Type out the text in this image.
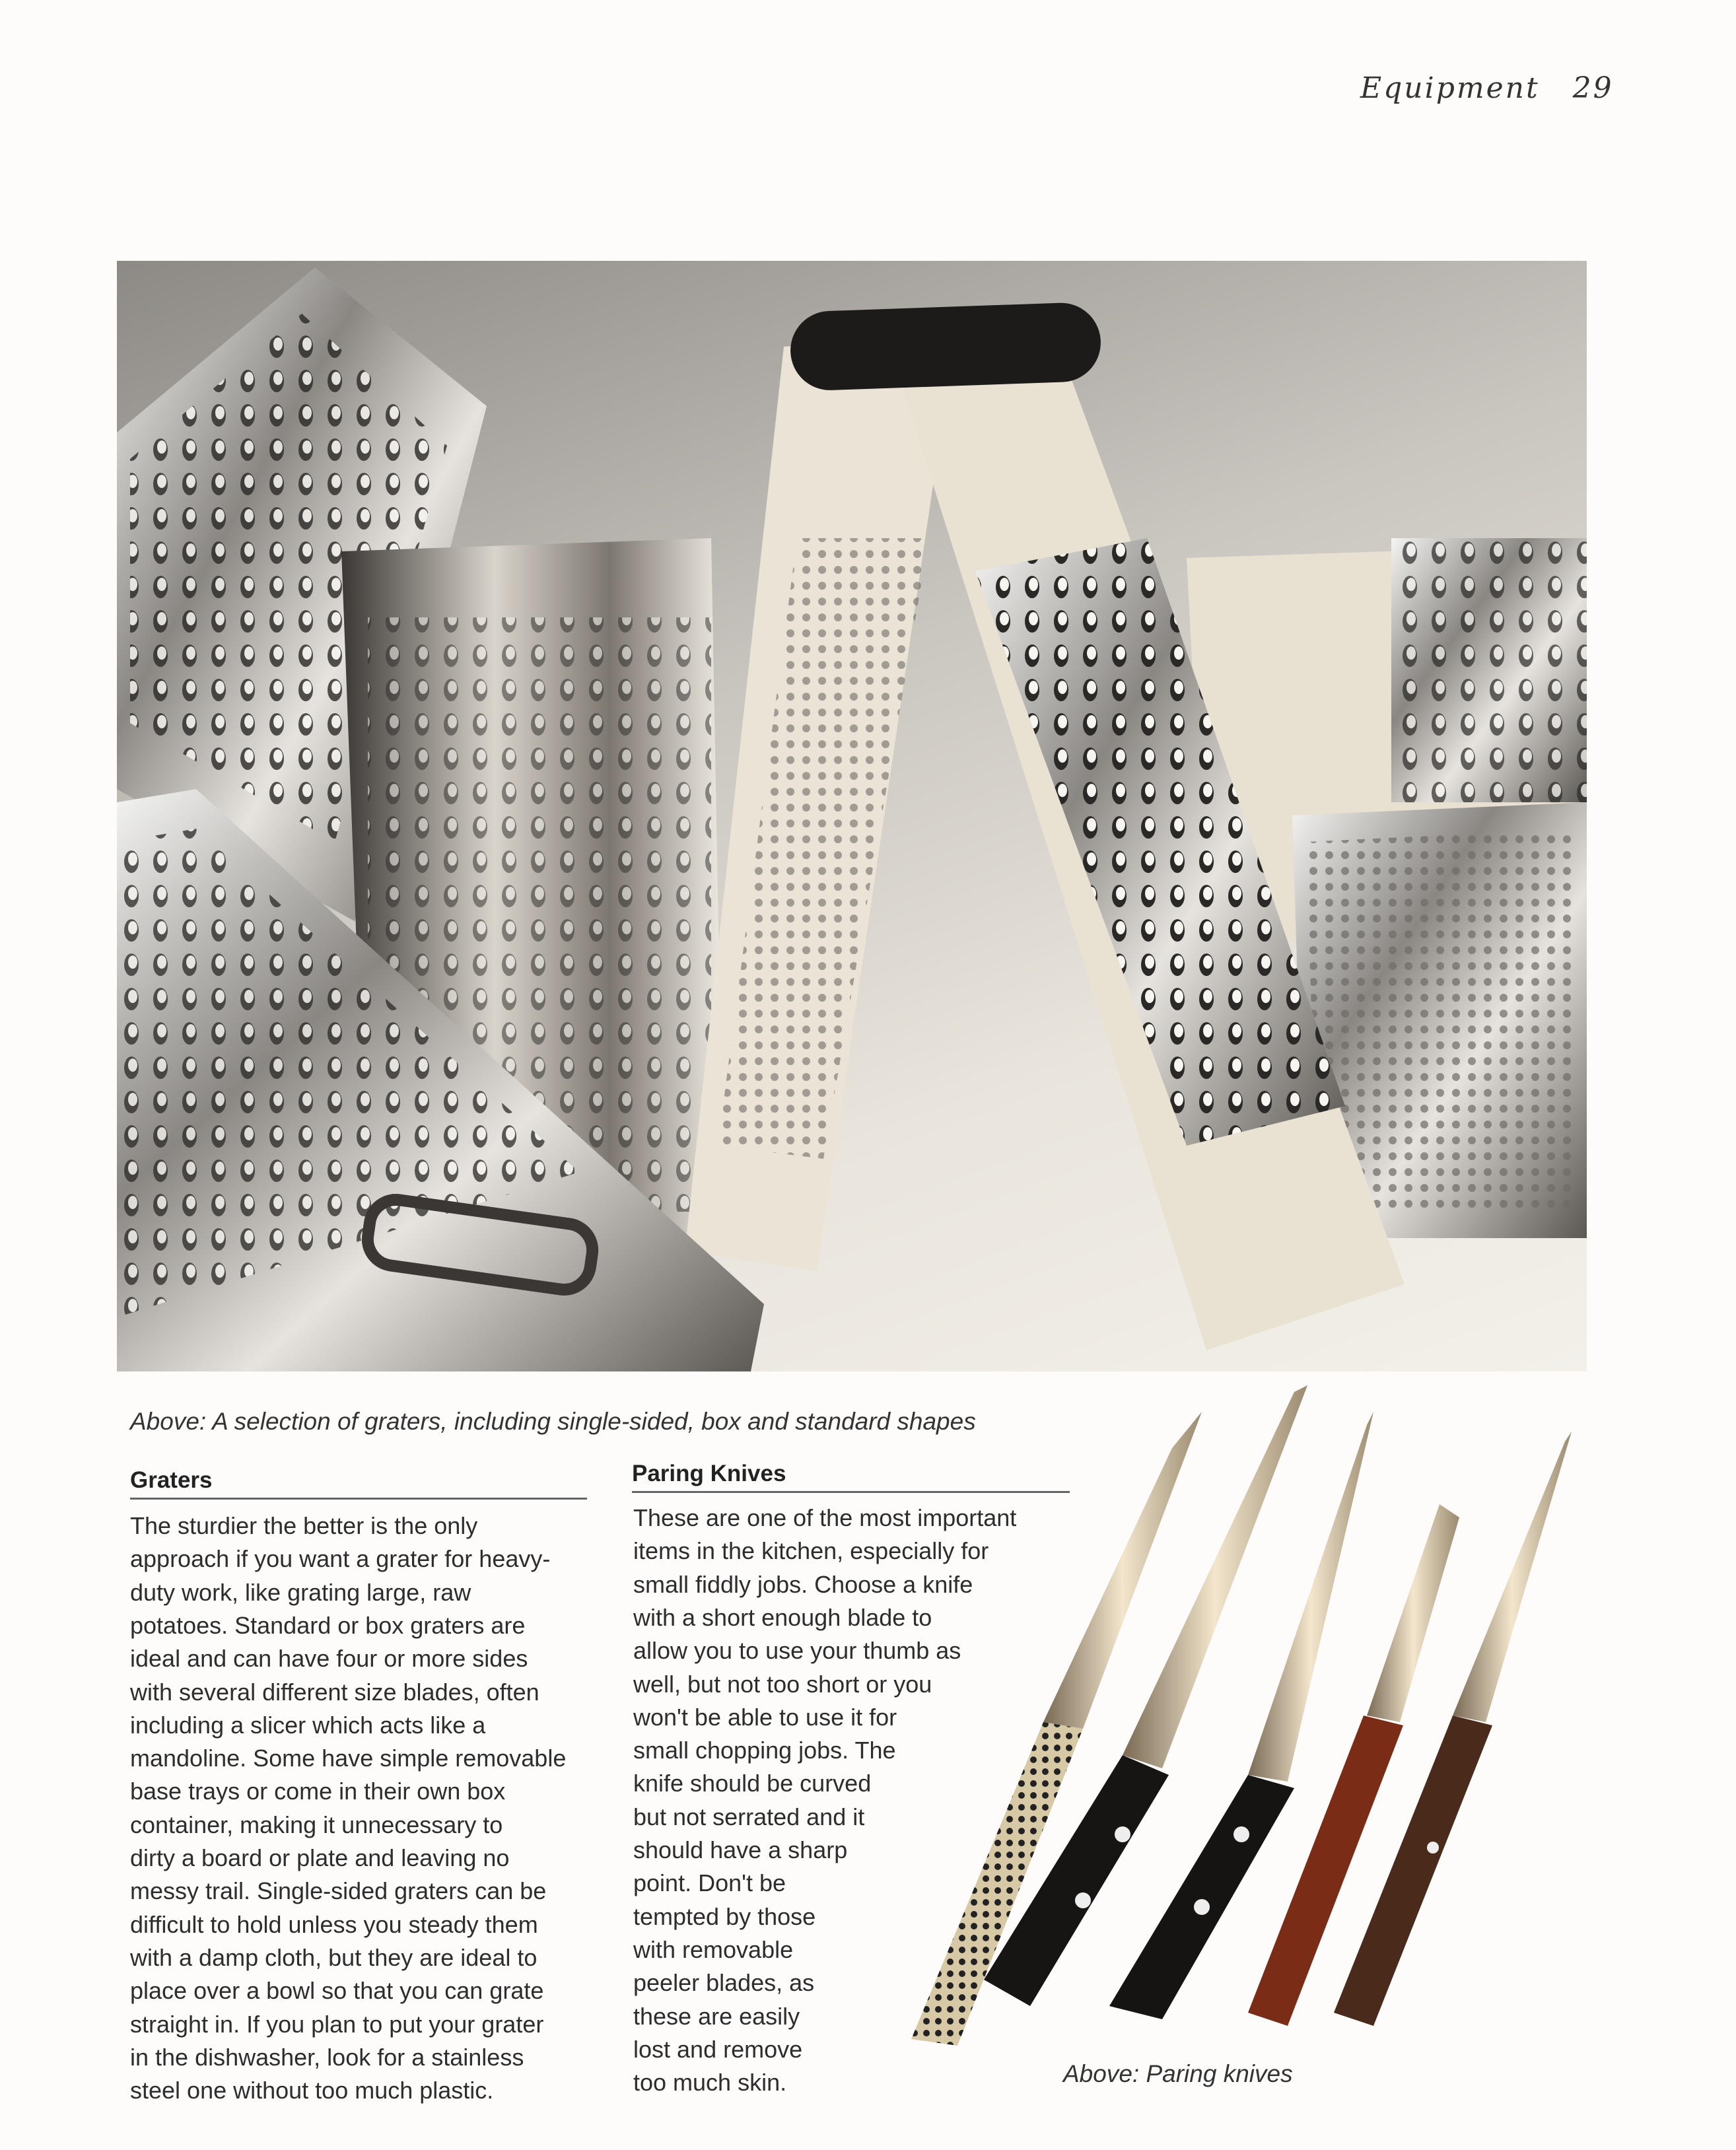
Equipment 29
Above: A selection of graters, including single-sided, box and standard shapes
Graters
The sturdier the better is the only
approach if you want a grater for heavy-
duty work, like grating large, raw
potatoes. Standard or box graters are
ideal and can have four or more sides
with several different size blades, often
including a slicer which acts like a
mandoline. Some have simple removable
base trays or come in their own box
container, making it unnecessary to
dirty a board or plate and leaving no
messy trail. Single-sided graters can be
difficult to hold unless you steady them
with a damp cloth, but they are ideal to
place over a bowl so that you can grate
straight in. If you plan to put your grater
in the dishwasher, look for a stainless
steel one without too much plastic.
Paring Knives
These are one of the most important
items in the kitchen, especially for
small fiddly jobs. Choose a knife
with a short enough blade to
allow you to use your thumb as
well, but not too short or you
won't be able to use it for
small chopping jobs. The
knife should be curved
but not serrated and it
should have a sharp
point. Don't be
tempted by those
with removable
peeler blades, as
these are easily
lost and remove
too much skin.	Above: Paring knives
